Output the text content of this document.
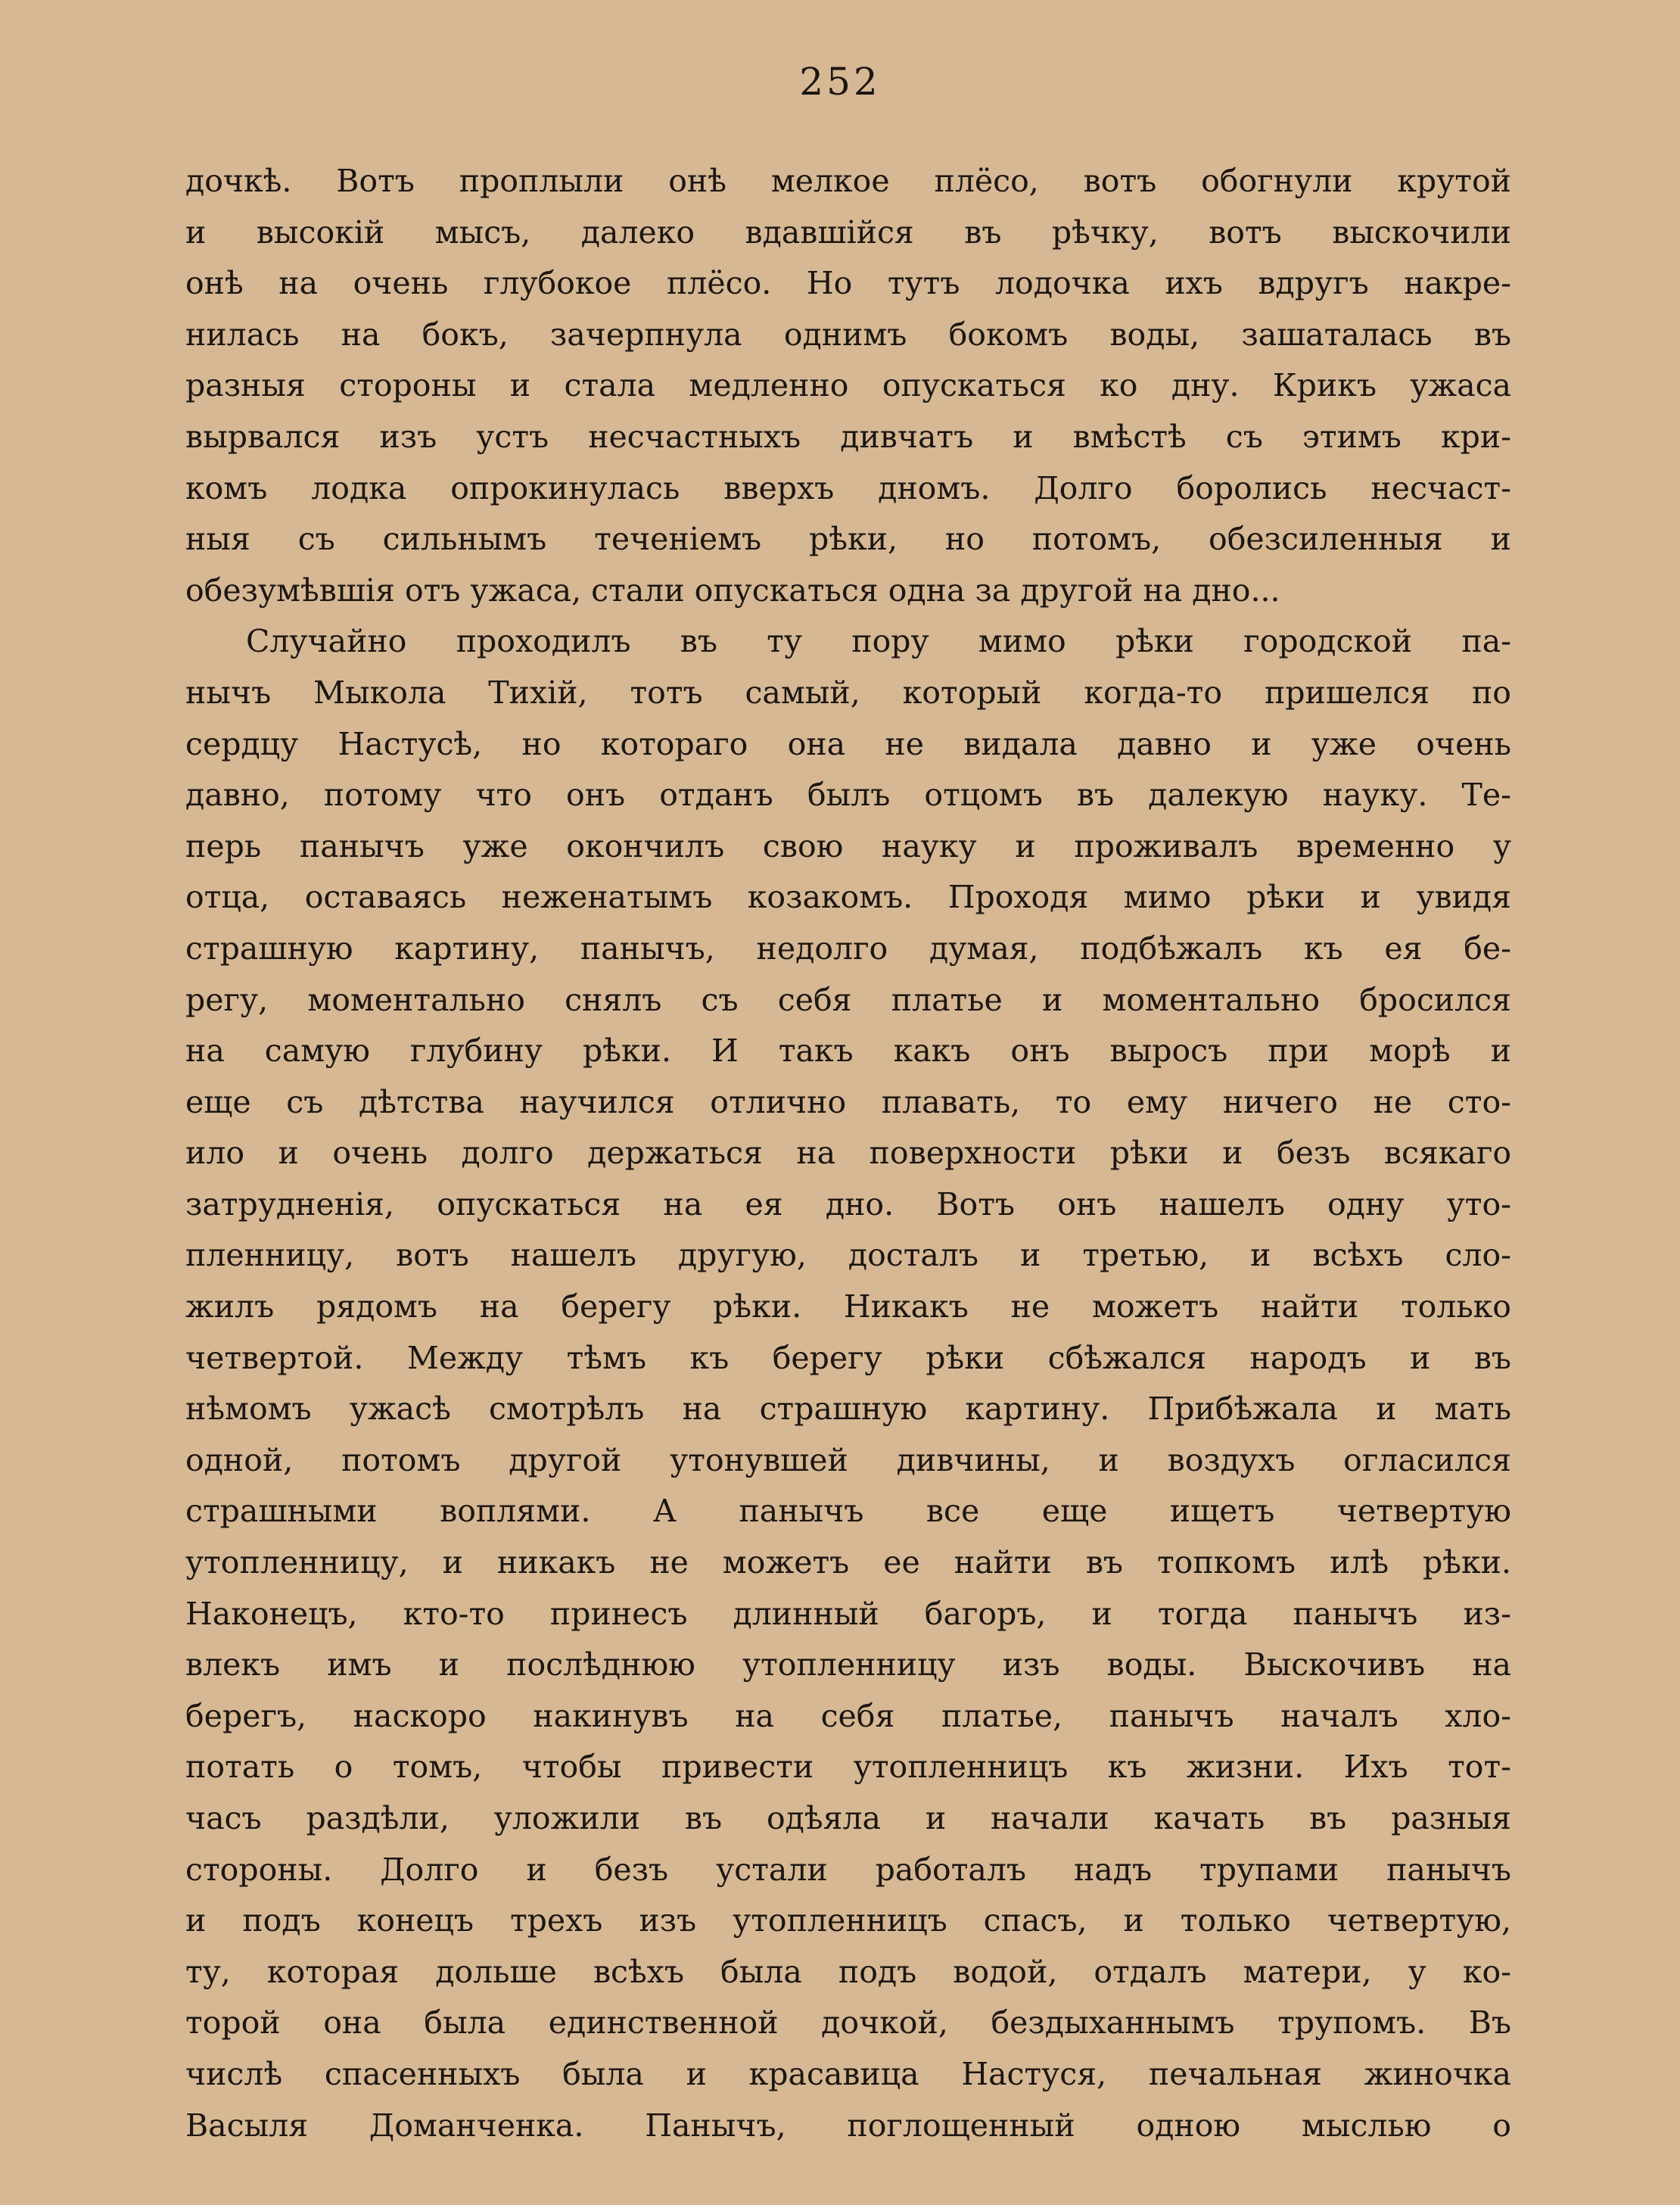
252
дочкѣ. Вотъ проплыли онѣ мелкое плёсо, вотъ обогнули крутой
и высокій мысъ, далеко вдавшійся въ рѣчку, вотъ выскочили
онѣ на очень глубокое плёсо. Но тутъ лодочка ихъ вдругъ накре-
нилась на бокъ, зачерпнула однимъ бокомъ воды, зашаталась въ
разныя стороны и стала медленно опускаться ко дну. Крикъ ужаса
вырвался изъ устъ несчастныхъ дивчатъ и вмѣстѣ съ этимъ кри-
комъ лодка опрокинулась вверхъ дномъ. Долго боролись несчаст-
ныя съ сильнымъ теченіемъ рѣки, но потомъ, обезсиленныя и
обезумѣвшія отъ ужаса, стали опускаться одна за другой на дно...
Случайно проходилъ въ ту пору мимо рѣки городской па-
нычъ Мыкола Тихій, тотъ самый, который когда-то пришелся по
сердцу Настусѣ, но котораго она не видала давно и уже очень
давно, потому что онъ отданъ былъ отцомъ въ далекую науку. Те-
перь панычъ уже окончилъ свою науку и проживалъ временно у
отца, оставаясь неженатымъ козакомъ. Проходя мимо рѣки и увидя
страшную картину, панычъ, недолго думая, подбѣжалъ къ ея бе-
регу, моментально снялъ съ себя платье и моментально бросился
на самую глубину рѣки. И такъ какъ онъ выросъ при морѣ и
еще съ дѣтства научился отлично плавать, то ему ничего не сто-
ило и очень долго держаться на поверхности рѣки и безъ всякаго
затрудненія, опускаться на ея дно. Вотъ онъ нашелъ одну уто-
пленницу, вотъ нашелъ другую, досталъ и третью, и всѣхъ сло-
жилъ рядомъ на берегу рѣки. Никакъ не можетъ найти только
четвертой. Между тѣмъ къ берегу рѣки сбѣжался народъ и въ
нѣмомъ ужасѣ смотрѣлъ на страшную картину. Прибѣжала и мать
одной, потомъ другой утонувшей дивчины, и воздухъ огласился
страшными воплями. А панычъ все еще ищетъ четвертую
утопленницу, и никакъ не можетъ ее найти въ топкомъ илѣ рѣки.
Наконецъ, кто-то принесъ длинный багоръ, и тогда панычъ из-
влекъ имъ и послѣднюю утопленницу изъ воды. Выскочивъ на
берегъ, наскоро накинувъ на себя платье, панычъ началъ хло-
потать о томъ, чтобы привести утопленницъ къ жизни. Ихъ тот-
часъ раздѣли, уложили въ одѣяла и начали качать въ разныя
стороны. Долго и безъ устали работалъ надъ трупами панычъ
и подъ конецъ трехъ изъ утопленницъ спасъ, и только четвертую,
ту, которая дольше всѣхъ была подъ водой, отдалъ матери, у ко-
торой она была единственной дочкой, бездыханнымъ трупомъ. Въ
числѣ спасенныхъ была и красавица Настуся, печальная жиночка
Васыля Доманченка. Панычъ, поглощенный одною мыслью о
